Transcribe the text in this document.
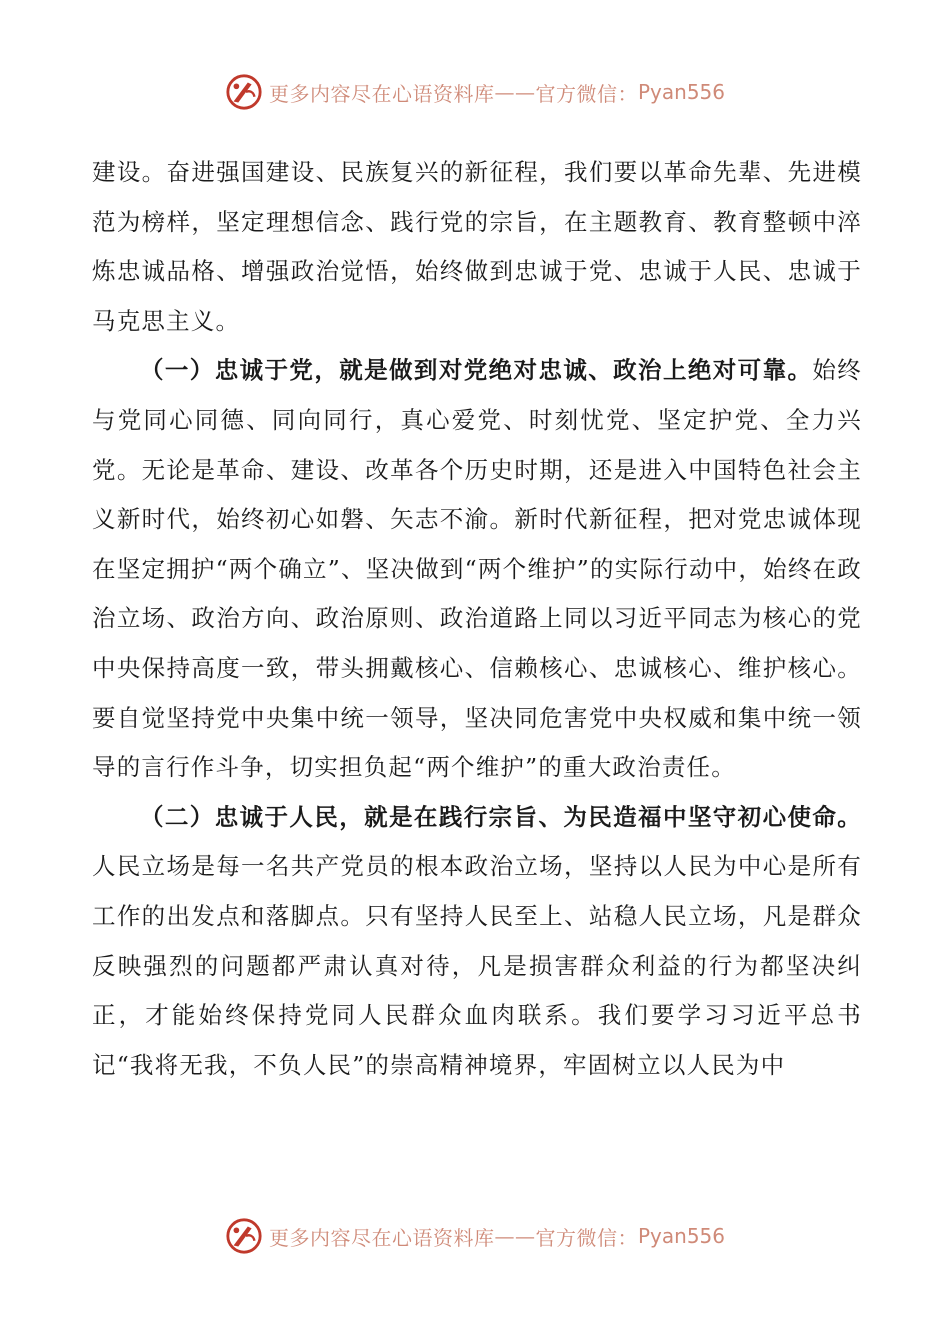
更多内容尽在心语资料库 —— 官方微信： Pyan556

建设。奋进强国建设、民族复兴的新征程，我们要以革命先辈、先进模范为榜样，坚定理想信念、践行党的宗旨，在主题教育、教育整顿中淬炼忠诚品格、增强政治觉悟，始终做到忠诚于党、忠诚于人民、忠诚于马克思主义。

（一）忠诚于党，就是做到对党绝对忠诚、政治上绝对可靠。始终与党同心同德、同向同行，真心爱党、时刻忧党、坚定护党、全力兴党。无论是革命、建设、改革各个历史时期，还是进入中国特色社会主义新时代，始终初心如磐、矢志不渝。新时代新征程，把对党忠诚体现在坚定拥护“两个确立”、坚决做到“两个维护”的实际行动中，始终在政治立场、政治方向、政治原则、政治道路上同以习近平同志为核心的党中央保持高度一致，带头拥戴核心、信赖核心、忠诚核心、维护核心。要自觉坚持党中央集中统一领导，坚决同危害党中央权威和集中统一领导的言行作斗争，切实担负起“两个维护”的重大政治责任。

（二）忠诚于人民，就是在践行宗旨、为民造福中坚守初心使命。人民立场是每一名共产党员的根本政治立场，坚持以人民为中心是所有工作的出发点和落脚点。只有坚持人民至上、站稳人民立场，凡是群众反映强烈的问题都严肃认真对待，凡是损害群众利益的行为都坚决纠正，才能始终保持党同人民群众血肉联系。我们要学习习近平总书记“我将无我，不负人民”的崇高精神境界，牢固树立以人民为中

更多内容尽在心语资料库 —— 官方微信： Pyan556
